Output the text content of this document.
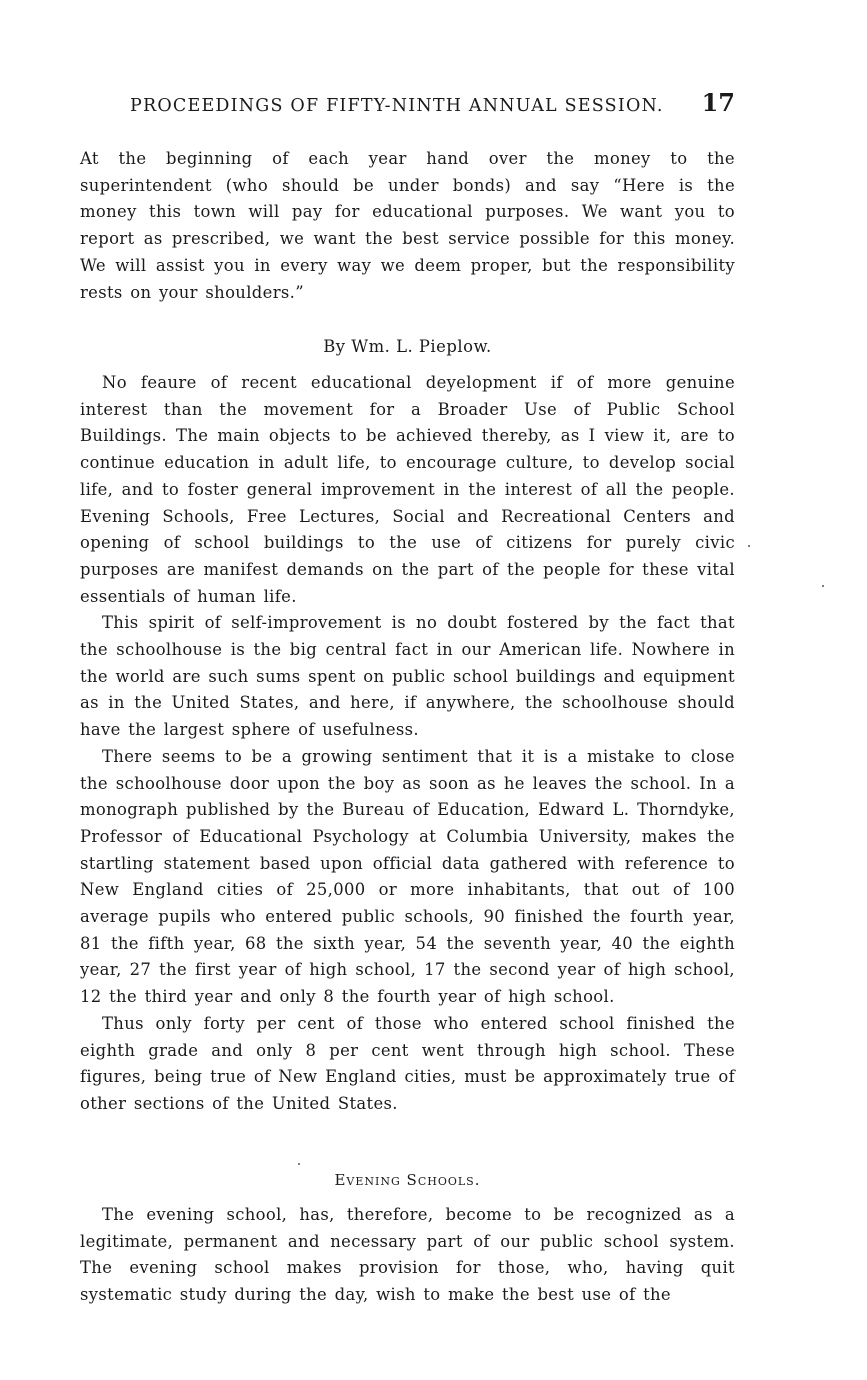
PROCEEDINGS OF FIFTY-NINTH ANNUAL SESSION. 17

At the beginning of each year hand over the money to the superintendent (who should be under bonds) and say “Here is the money this town will pay for educational purposes. We want you to report as prescribed, we want the best service possible for this money. We will assist you in every way we deem proper, but the responsibility rests on your shoulders.”

By Wm. L. Pieplow.

No feaure of recent educational deyelopment if of more genuine interest than the movement for a Broader Use of Public School Buildings. The main objects to be achieved thereby, as I view it, are to continue education in adult life, to encourage culture, to develop social life, and to foster general improvement in the interest of all the people. Evening Schools, Free Lectures, Social and Recreational Centers and opening of school buildings to the use of citizens for purely civic purposes are manifest demands on the part of the people for these vital essentials of human life.

This spirit of self-improvement is no doubt fostered by the fact that the schoolhouse is the big central fact in our American life. Nowhere in the world are such sums spent on public school buildings and equipment as in the United States, and here, if anywhere, the schoolhouse should have the largest sphere of usefulness.

There seems to be a growing sentiment that it is a mistake to close the schoolhouse door upon the boy as soon as he leaves the school. In a monograph published by the Bureau of Education, Edward L. Thorndyke, Professor of Educational Psychology at Columbia University, makes the startling statement based upon official data gathered with reference to New England cities of 25,000 or more inhabitants, that out of 100 average pupils who entered public schools, 90 finished the fourth year, 81 the fifth year, 68 the sixth year, 54 the seventh year, 40 the eighth year, 27 the first year of high school, 17 the second year of high school, 12 the third year and only 8 the fourth year of high school.

Thus only forty per cent of those who entered school finished the eighth grade and only 8 per cent went through high school. These figures, being true of New England cities, must be approximately true of other sections of the United States.

Evening Schools.

The evening school, has, therefore, become to be recognized as a legitimate, permanent and necessary part of our public school system. The evening school makes provision for those, who, having quit systematic study during the day, wish to make the best use of the
